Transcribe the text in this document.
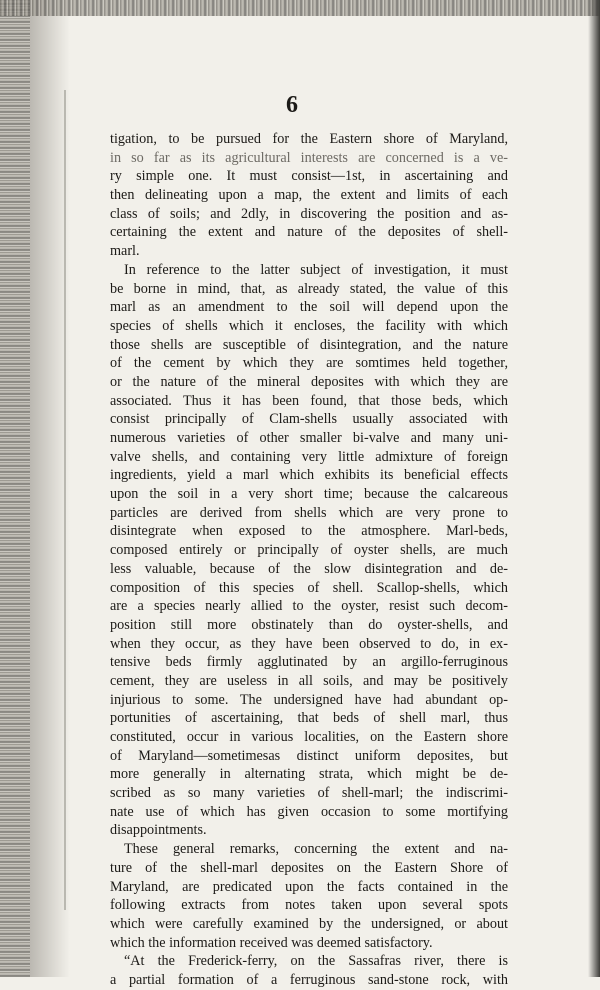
6
tigation, to be pursued for the Eastern shore of Maryland,
in so far as its agricultural interests are concerned is a ve-
ry simple one. It must consist—1st, in ascertaining and
then delineating upon a map, the extent and limits of each
class of soils; and 2dly, in discovering the position and as-
certaining the extent and nature of the deposites of shell-
marl.
In reference to the latter subject of investigation, it must
be borne in mind, that, as already stated, the value of this
marl as an amendment to the soil will depend upon the
species of shells which it encloses, the facility with which
those shells are susceptible of disintegration, and the nature
of the cement by which they are somtimes held together,
or the nature of the mineral deposites with which they are
associated. Thus it has been found, that those beds, which
consist principally of Clam-shells usually associated with
numerous varieties of other smaller bi-valve and many uni-
valve shells, and containing very little admixture of foreign
ingredients, yield a marl which exhibits its beneficial effects
upon the soil in a very short time; because the calcareous
particles are derived from shells which are very prone to
disintegrate when exposed to the atmosphere. Marl-beds,
composed entirely or principally of oyster shells, are much
less valuable, because of the slow disintegration and de-
composition of this species of shell. Scallop-shells, which
are a species nearly allied to the oyster, resist such decom-
position still more obstinately than do oyster-shells, and
when they occur, as they have been observed to do, in ex-
tensive beds firmly agglutinated by an argillo-ferruginous
cement, they are useless in all soils, and may be positively
injurious to some. The undersigned have had abundant op-
portunities of ascertaining, that beds of shell marl, thus
constituted, occur in various localities, on the Eastern shore
of Maryland—sometimesas distinct uniform deposites, but
more generally in alternating strata, which might be de-
scribed as so many varieties of shell-marl; the indiscrimi-
nate use of which has given occasion to some mortifying
disappointments.
These general remarks, concerning the extent and na-
ture of the shell-marl deposites on the Eastern Shore of
Maryland, are predicated upon the facts contained in the
following extracts from notes taken upon several spots
which were carefully examined by the undersigned, or about
which the information received was deemed satisfactory.
“At the Frederick-ferry, on the Sassafras river, there is
a partial formation of a ferruginous sand-stone rock, with
